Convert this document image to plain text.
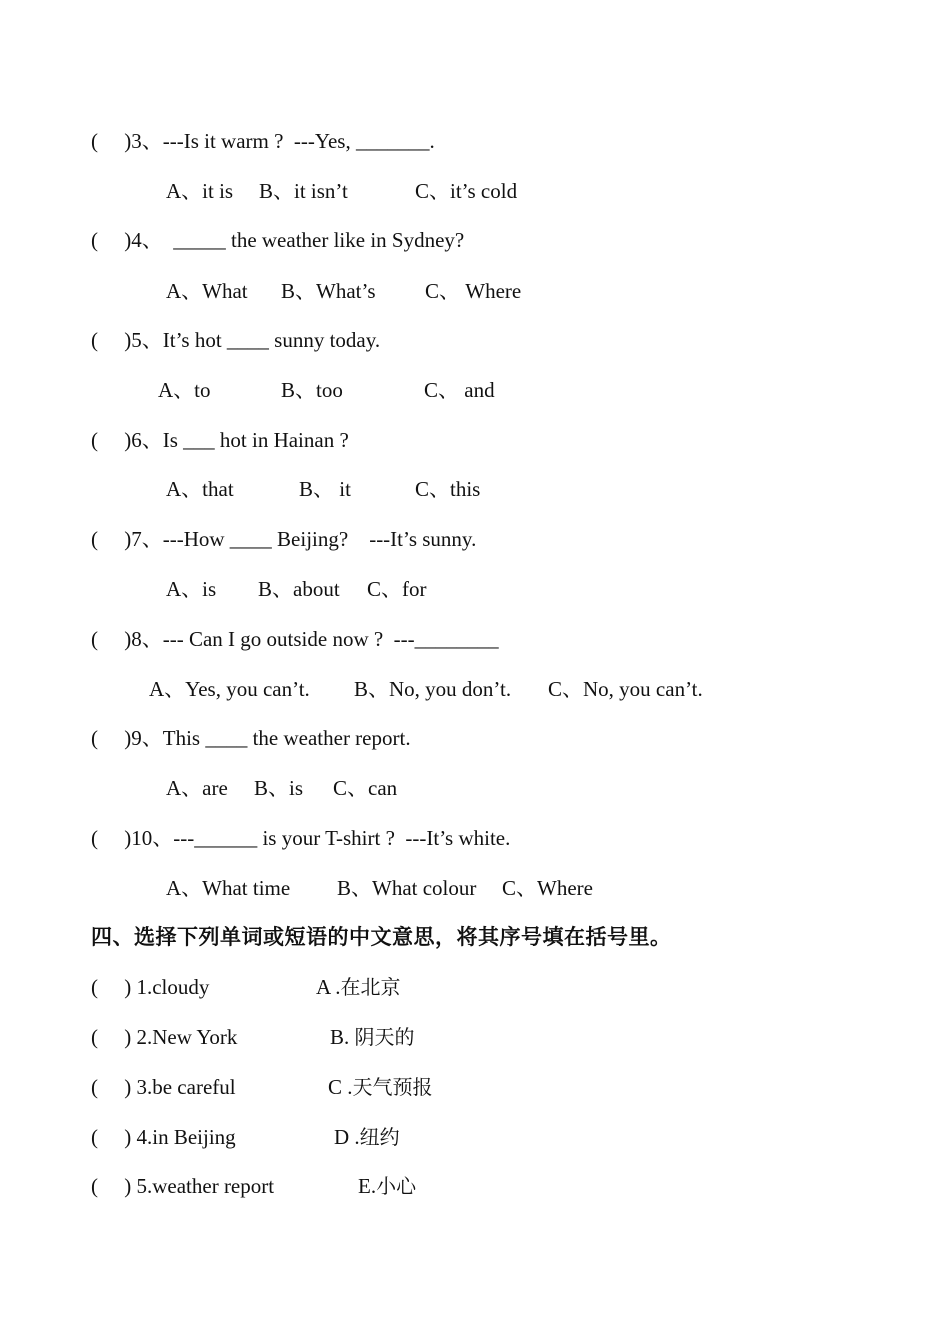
(     )3、---Is it warm ?  ---Yes, _______.
A、it is B、it isn’t	C、it’s cold
(     )4、  _____ the weather like in Sydney?
A、What B、What’s C、 Where
(     )5、It’s hot ____ sunny today.
A、to	B、too	C、 and
(     )6、Is ___ hot in Hainan ?
A、that	B、 it	C、this
(     )7、---How ____ Beijing?    ---It’s sunny.
A、is B、about C、for
(     )8、--- Can I go outside now ?  ---________
A、Yes, you can’t. B、No, you don’t. C、No, you can’t.
(     )9、This ____ the weather report.
A、are B、is C、can
(     )10、---______ is your T-shirt ?  ---It’s white.
A、What time B、What colour C、Where
四、选择下列单词或短语的中文意思，将其序号填在括号里。
(     ) 1.cloudy	A .在北京
(     ) 2.New York	B. 阴天的
(     ) 3.be careful	C .天气预报
(     ) 4.in Beijing	D .纽约
(     ) 5.weather report	E.小心
